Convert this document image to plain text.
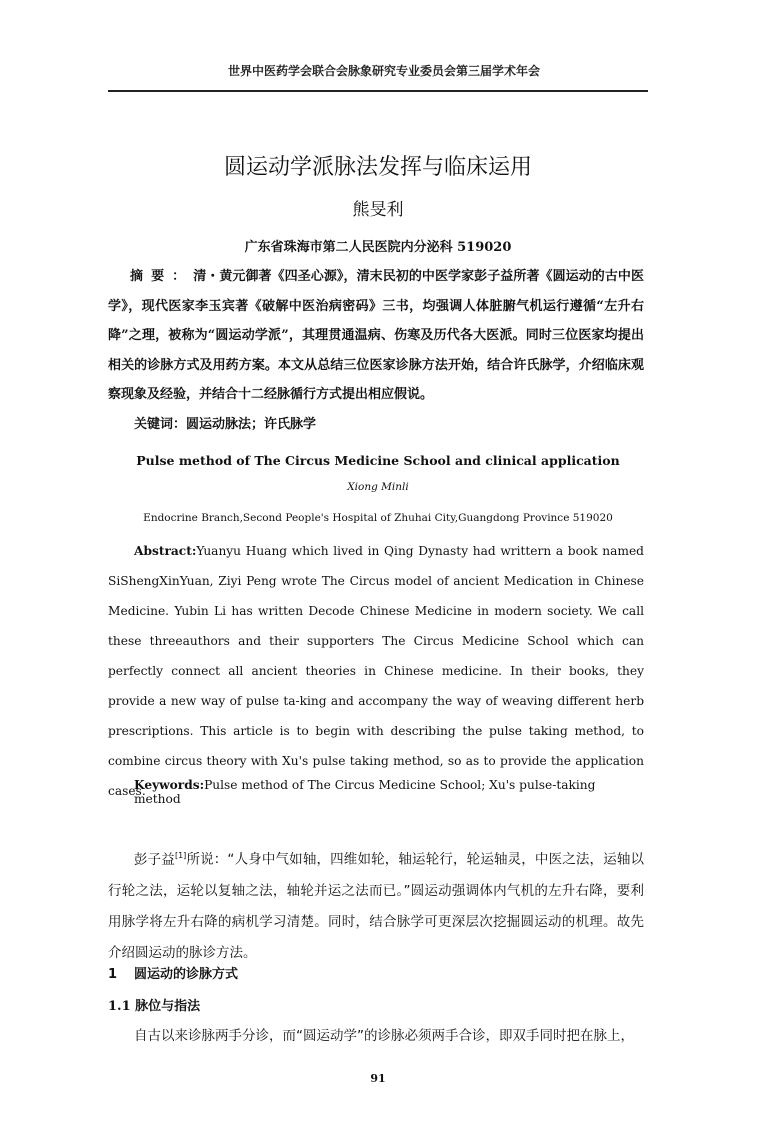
世界中医药学会联合会脉象研究专业委员会第三届学术年会
圆运动学派脉法发挥与临床运用
熊旻利
广东省珠海市第二人民医院内分泌科 519020
摘要：清・黄元御著《四圣心源》，清末民初的中医学家彭子益所著《圆运动的古中医学》，现代医家李玉宾著《破解中医治病密码》三书，均强调人体脏腑气机运行遵循“左升右降”之理，被称为“圆运动学派”，其理贯通温病、伤寒及历代各大医派。同时三位医家均提出相关的诊脉方式及用药方案。本文从总结三位医家诊脉方法开始，结合许氏脉学，介绍临床观察现象及经验，并结合十二经脉循行方式提出相应假说。
关键词：圆运动脉法；许氏脉学
Pulse method of The Circus Medicine School and clinical application
Xiong Minli
Endocrine Branch,Second People's Hospital of Zhuhai City,Guangdong Province 519020
Abstract:Yuanyu Huang which lived in Qing Dynasty had writtern a book named SiShengXinYuan, Ziyi Peng wrote The Circus model of ancient Medication in Chinese Medicine. Yubin Li has written Decode Chinese Medicine in modern society. We call these threeauthors and their supporters The Circus Medicine School which can perfectly connect all ancient theories in Chinese medicine. In their books, they provide a new way of pulse ta-king and accompany the way of weaving different herb prescriptions. This article is to begin with describing the pulse taking method, to combine circus theory with Xu's pulse taking method, so as to provide the application cases.
Keywords:Pulse method of The Circus Medicine School; Xu's pulse-taking method
彭子益[1]所说：“人身中气如轴，四维如轮，轴运轮行，轮运轴灵，中医之法，运轴以行轮之法，运轮以复轴之法，轴轮并运之法而已。”圆运动强调体内气机的左升右降，要利用脉学将左升右降的病机学习清楚。同时，结合脉学可更深层次挖掘圆运动的机理。故先介绍圆运动的脉诊方法。
1 圆运动的诊脉方式
1.1 脉位与指法
自古以来诊脉两手分诊，而“圆运动学”的诊脉必须两手合诊，即双手同时把在脉上，
91
